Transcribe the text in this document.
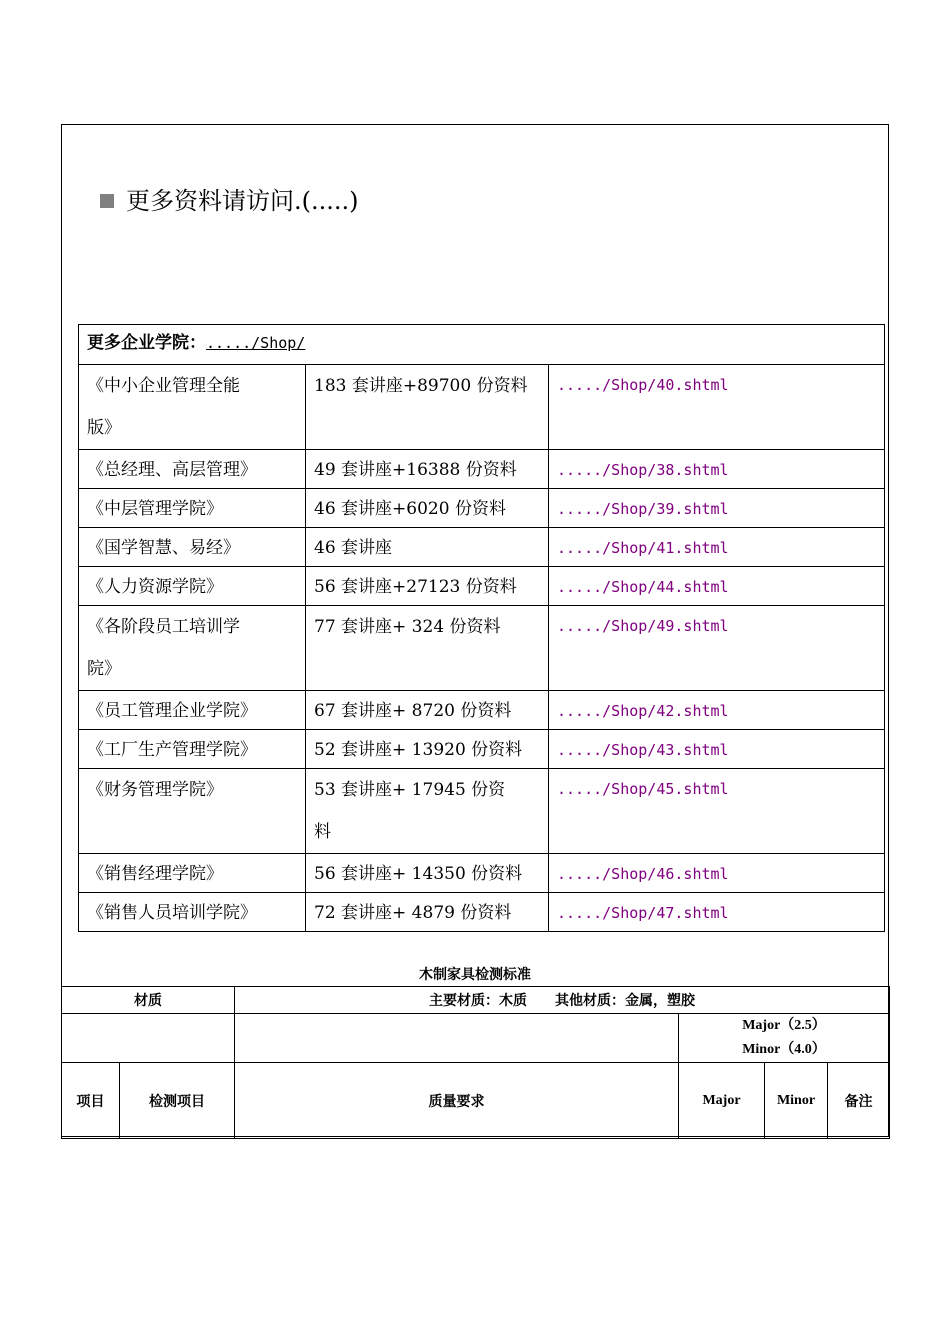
更多资料请访问.(.....)
更多企业学院：...../Shop/		
《中小企业管理全能
版》	183 套讲座+89700 份资料	...../Shop/40.shtml
《总经理、高层管理》	49 套讲座+16388 份资料	...../Shop/38.shtml
《中层管理学院》	46 套讲座+6020 份资料	...../Shop/39.shtml
《国学智慧、易经》	46 套讲座	...../Shop/41.shtml
《人力资源学院》	56 套讲座+27123 份资料	...../Shop/44.shtml
《各阶段员工培训学
院》	77 套讲座+ 324 份资料	...../Shop/49.shtml
《员工管理企业学院》	67 套讲座+ 8720 份资料	...../Shop/42.shtml
《工厂生产管理学院》	52 套讲座+ 13920 份资料	...../Shop/43.shtml
《财务管理学院》	53 套讲座+ 17945 份资
料	...../Shop/45.shtml
《销售经理学院》	56 套讲座+ 14350 份资料	...../Shop/46.shtml
《销售人员培训学院》	72 套讲座+ 4879 份资料	...../Shop/47.shtml
木制家具检测标准
材质		主要材质：木质　　其他材质：金属，塑胶			

			Major（2.5）
Minor（4.0）		

项目	检测项目	质量要求	Major	Minor	备注
